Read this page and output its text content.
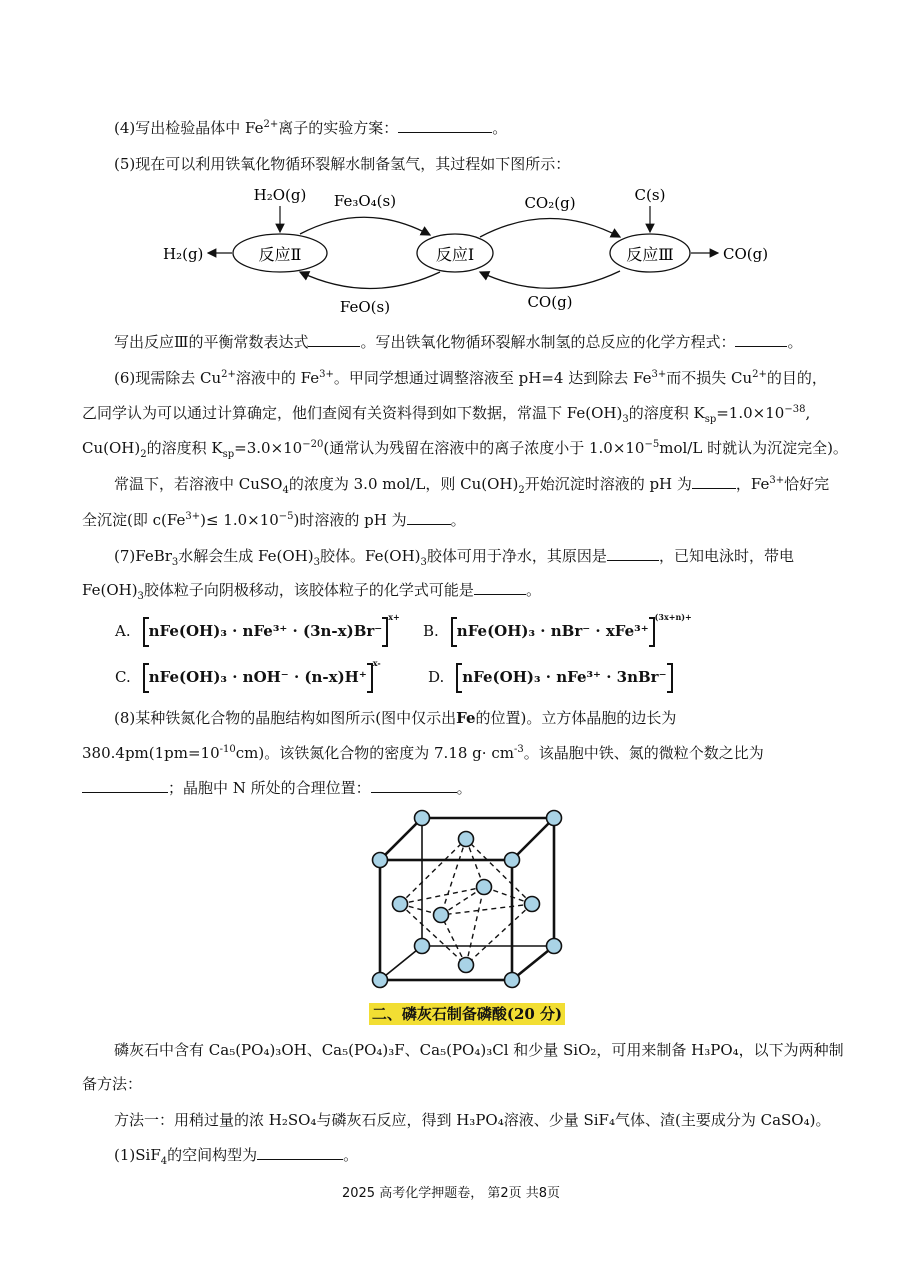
(4)写出检验晶体中 $Fe^{2+}$离子的实验方案：	。
(5)现在可以利用铁氧化物循环裂解水制备氢气，其过程如下图所示：
反应Ⅱ	反应Ⅰ	反应Ⅲ
H₂O(g)
H₂(g)
Fe₃O₄(s)
FeO(s)
CO₂(g)
CO(g)
C(s)
CO(g)
写出反应Ⅲ的平衡常数表达式	。写出铁氧化物循环裂解水制氢的总反应的化学方程式：	。
(6)现需除去 $Cu^{2+}$溶液中的 $Fe^{3+}$。甲同学想通过调整溶液至 pH=4 达到除去 $Fe^{3+}$而不损失 $Cu^{2+}$的目的，
乙同学认为可以通过计算确定，他们查阅有关资料得到如下数据，常温下 $Fe(OH)_3$的溶度积 $K_{sp}=1.0\times 10^{-38}$,
$Cu(OH)_2$的溶度积 $K_{sp}=3.0\times 10^{-20}$(通常认为残留在溶液中的离子浓度小于 $1.0\times 10^{-5}mol/L$ 时就认为沉淀完全)。
常温下，若溶液中 CuSO$_4$的浓度为 3.0 mol/L，则 $Cu(OH)_2$开始沉淀时溶液的 pH 为	，$Fe^{3+}$恰好完
全沉淀(即 $c(Fe^{3+})\le 1.0\times 10^{-5}$)时溶液的 pH 为	。
(7)FeBr$_3$水解会生成 $Fe(OH)_3$胶体。$Fe(OH)_3$胶体可用于净水，其原因是	，已知电泳时，带电
$Fe(OH)_3$胶体粒子向阴极移动，该胶体粒子的化学式可能是	。
A. nFe(OH)₃ · nFe³⁺ · (3n-x)Br⁻$^{x+}$
B. nFe(OH)₃ · nBr⁻ · xFe³⁺$^{(3x+n)+}$
C. nFe(OH)₃ · nOH⁻ · (n-x)H⁺$^{x-}$
D. nFe(OH)₃ · nFe³⁺ · 3nBr⁻
(8)某种铁氮化合物的晶胞结构如图所示(图中仅示出Fe的位置)。立方体晶胞的边长为
$380.4pm(1pm=10^{-10}cm)$。该铁氮化合物的密度为 7.18 $g\cdot cm^{-3}$。该晶胞中铁、氮的微粒个数之比为
；晶胞中 N 所处的合理位置：	。
二、磷灰石制备磷酸(20 分)
磷灰石中含有 Ca₅(PO₄)₃OH、Ca₅(PO₄)₃F、Ca₅(PO₄)₃Cl 和少量 SiO₂，可用来制备 H₃PO₄，以下为两种制
备方法：
方法一：用稍过量的浓 H₂SO₄与磷灰石反应，得到 H₃PO₄溶液、少量 SiF₄气体、渣(主要成分为 CaSO₄)。
(1)SiF$_4$的空间构型为	。
2025 高考化学押题卷， 第2页 共8页
